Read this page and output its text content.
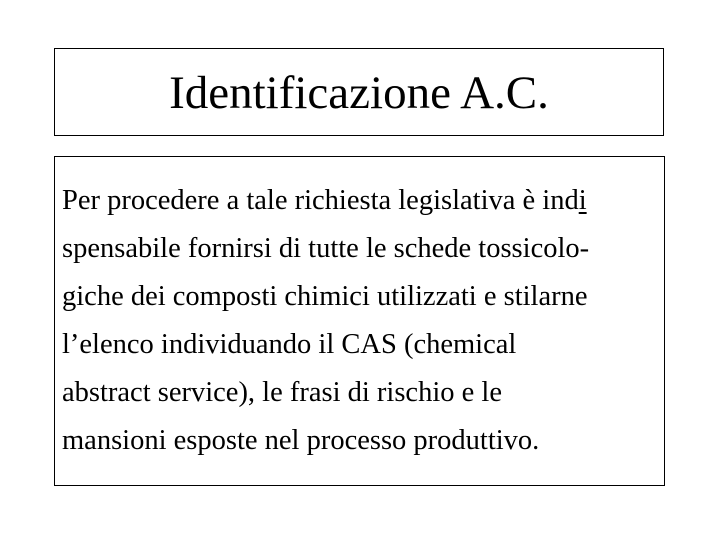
Identificazione A.C.
Per procedere a tale richiesta legislativa è indi
spensabile fornirsi di tutte le schede tossicolo-
giche dei composti chimici utilizzati e stilarne
l’elenco individuando il CAS (chemical
abstract service), le frasi di rischio e le
mansioni esposte nel processo produttivo.
